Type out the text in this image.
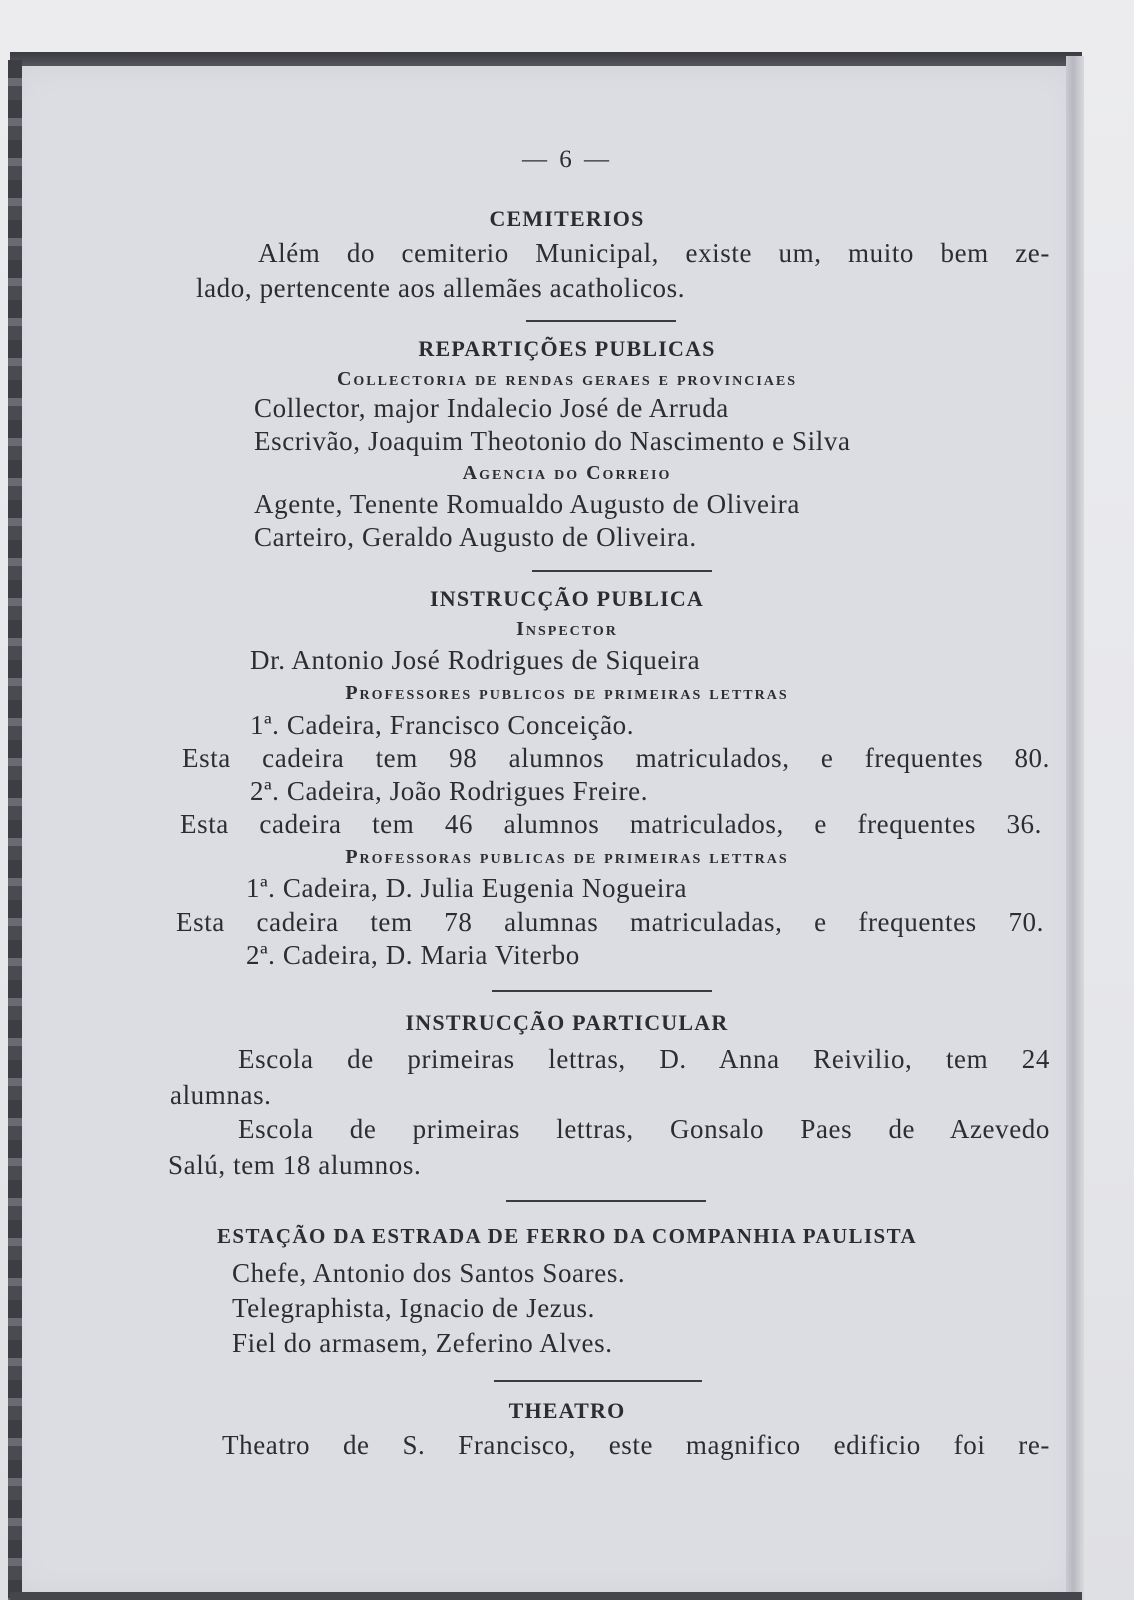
— 6 —
CEMITERIOS
Além do cemiterio Municipal, existe um, muito bem ze-
lado, pertencente aos allemães acatholicos.
REPARTIÇÕES PUBLICAS
Collectoria de rendas geraes e provinciaes
Collector, major Indalecio José de Arruda
Escrivão, Joaquim Theotonio do Nascimento e Silva
Agencia do Correio
Agente, Tenente Romualdo Augusto de Oliveira
Carteiro, Geraldo Augusto de Oliveira.
INSTRUCÇÃO PUBLICA
Inspector
Dr. Antonio José Rodrigues de Siqueira
Professores publicos de primeiras lettras
1ª. Cadeira, Francisco Conceição.
Esta cadeira tem 98 alumnos matriculados, e frequentes 80.
2ª. Cadeira, João Rodrigues Freire.
Esta cadeira tem 46 alumnos matriculados, e frequentes 36.
Professoras publicas de primeiras lettras
1ª. Cadeira, D. Julia Eugenia Nogueira
Esta cadeira tem 78 alumnas matriculadas, e frequentes 70.
2ª. Cadeira, D. Maria Viterbo
INSTRUCÇÃO PARTICULAR
Escola de primeiras lettras, D. Anna Reivilio, tem 24
alumnas.
Escola de primeiras lettras, Gonsalo Paes de Azevedo
Salú, tem 18 alumnos.
ESTAÇÃO DA ESTRADA DE FERRO DA COMPANHIA PAULISTA
Chefe, Antonio dos Santos Soares.
Telegraphista, Ignacio de Jezus.
Fiel do armasem, Zeferino Alves.
THEATRO
Theatro de S. Francisco, este magnifico edificio foi re-
